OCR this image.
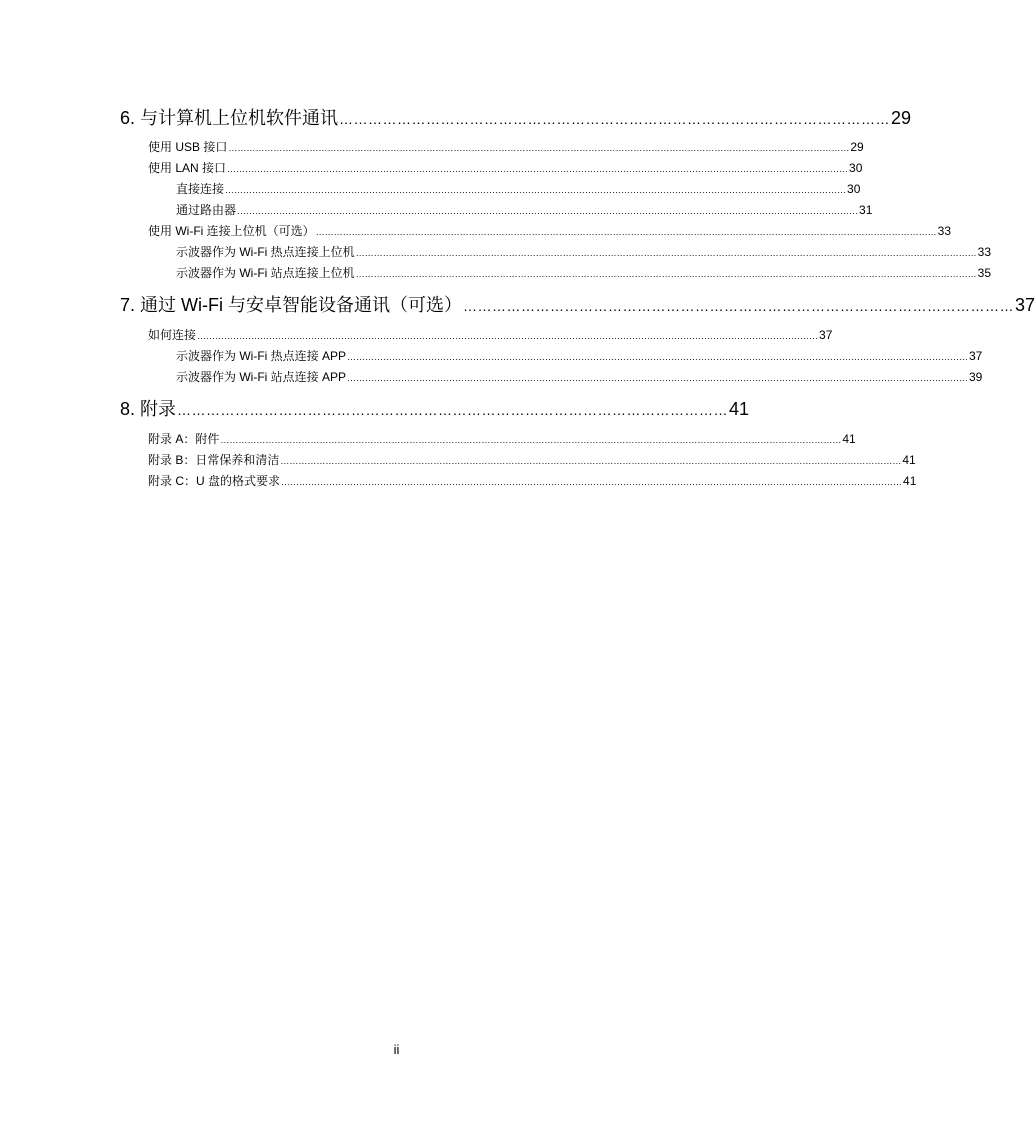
6. 与计算机上位机软件通讯 …………………………………………………………………………………………………… 29
使用 USB 接口 ……………………………………………………………………………………………………………………………………………………………………………………… 29
使用 LAN 接口 ……………………………………………………………………………………………………………………………………………………………………………………… 30
直接连接 ……………………………………………………………………………………………………………………………………………………………………………………… 30
通过路由器 ……………………………………………………………………………………………………………………………………………………………………………………… 31
使用 Wi-Fi 连接上位机（可选） ……………………………………………………………………………………………………………………………………………………………………………………… 33
示波器作为 Wi-Fi 热点连接上位机 ……………………………………………………………………………………………………………………………………………………………………………………… 33
示波器作为 Wi-Fi 站点连接上位机 ……………………………………………………………………………………………………………………………………………………………………………………… 35
7. 通过 Wi-Fi 与安卓智能设备通讯（可选） …………………………………………………………………………………………………… 37
如何连接 ……………………………………………………………………………………………………………………………………………………………………………………… 37
示波器作为 Wi-Fi 热点连接 APP ……………………………………………………………………………………………………………………………………………………………………………………… 37
示波器作为 Wi-Fi 站点连接 APP ……………………………………………………………………………………………………………………………………………………………………………………… 39
8. 附录 …………………………………………………………………………………………………… 41
附录 A：附件 ……………………………………………………………………………………………………………………………………………………………………………………… 41
附录 B：日常保养和清洁 ……………………………………………………………………………………………………………………………………………………………………………………… 41
附录 C：U 盘的格式要求 ……………………………………………………………………………………………………………………………………………………………………………………… 41
ii
